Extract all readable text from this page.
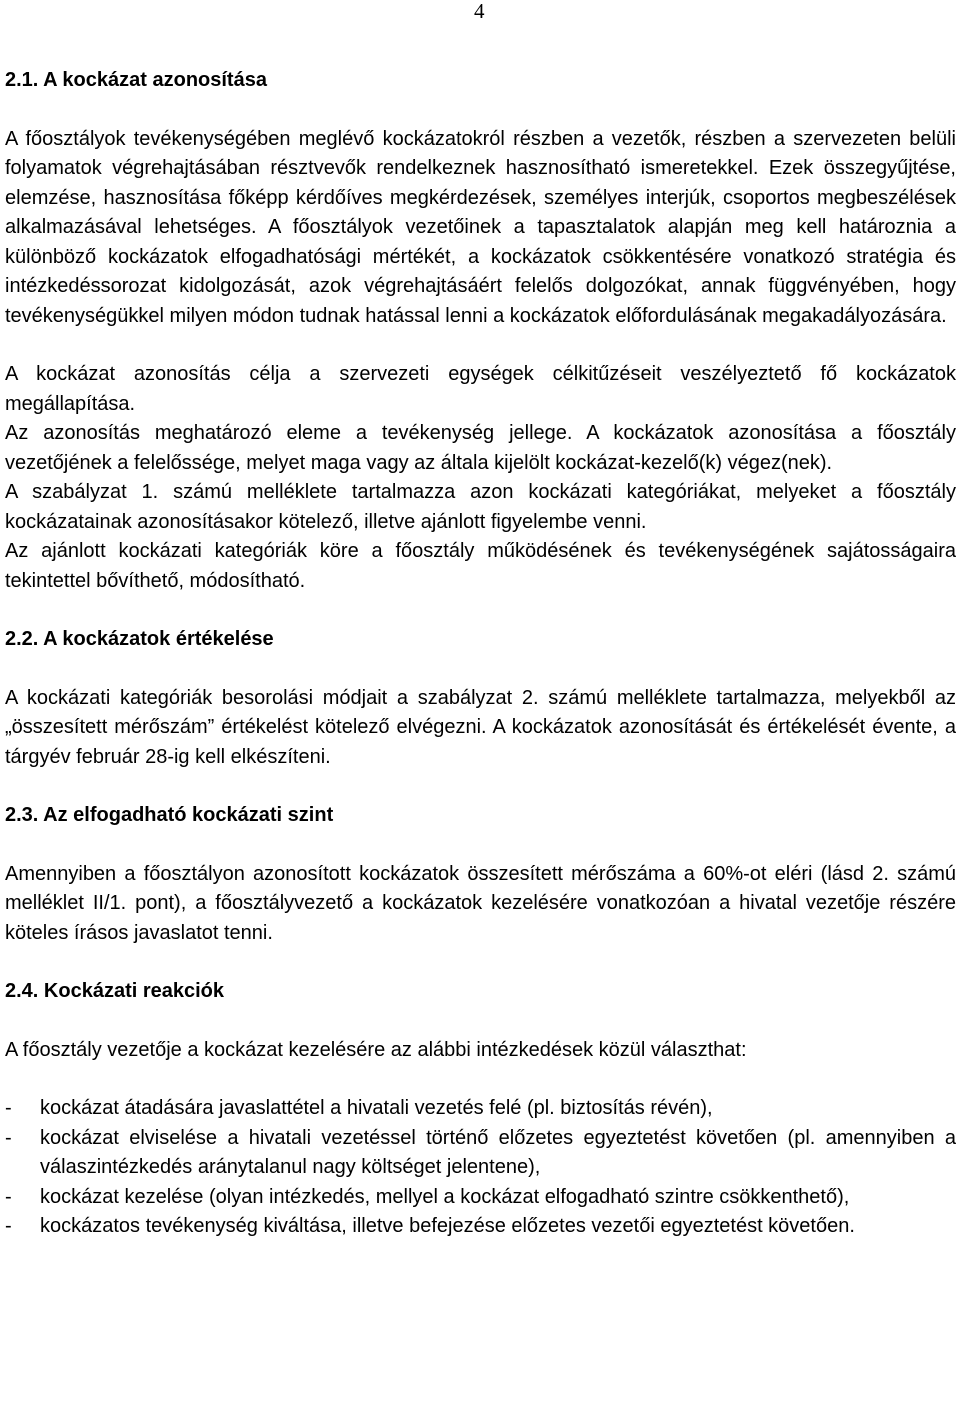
4

2.1. A kockázat azonosítása

A főosztályok tevékenységében meglévő kockázatokról részben a vezetők, részben a szervezeten belüli folyamatok végrehajtásában résztvevők rendelkeznek hasznosítható ismeretekkel. Ezek összegyűjtése, elemzése, hasznosítása főképp kérdőíves megkérdezések, személyes interjúk, csoportos megbeszélések alkalmazásával lehetséges. A főosztályok vezetőinek a tapasztalatok alapján meg kell határoznia a különböző kockázatok elfogadhatósági mértékét, a kockázatok csökkentésére vonatkozó stratégia és intézkedéssorozat kidolgozását, azok végrehajtásáért felelős dolgozókat, annak függvényében, hogy tevékenységükkel milyen módon tudnak hatással lenni a kockázatok előfordulásának megakadályozására.

A kockázat azonosítás célja a szervezeti egységek célkitűzéseit veszélyeztető fő kockázatok megállapítása.

Az azonosítás meghatározó eleme a tevékenység jellege. A kockázatok azonosítása a főosztály vezetőjének a felelőssége, melyet maga vagy az általa kijelölt kockázat-kezelő(k) végez(nek).

A szabályzat 1. számú melléklete tartalmazza azon kockázati kategóriákat, melyeket a főosztály kockázatainak azonosításakor kötelező, illetve ajánlott figyelembe venni.

Az ajánlott kockázati kategóriák köre a főosztály működésének és tevékenységének sajátosságaira tekintettel bővíthető, módosítható.

2.2. A kockázatok értékelése

A kockázati kategóriák besorolási módjait a szabályzat 2. számú melléklete tartalmazza, melyekből az „összesített mérőszám” értékelést kötelező elvégezni. A kockázatok azonosítását és értékelését évente, a tárgyév február 28-ig kell elkészíteni.

2.3. Az elfogadható kockázati szint

Amennyiben a főosztályon azonosított kockázatok összesített mérőszáma a 60%-ot eléri (lásd 2. számú melléklet II/1. pont), a főosztályvezető a kockázatok kezelésére vonatkozóan a hivatal vezetője részére köteles írásos javaslatot tenni.

2.4. Kockázati reakciók

A főosztály vezetője a kockázat kezelésére az alábbi intézkedések közül választhat:

- kockázat átadására javaslattétel a hivatali vezetés felé (pl. biztosítás révén),
- kockázat elviselése a hivatali vezetéssel történő előzetes egyeztetést követően (pl. amennyiben a válaszintézkedés aránytalanul nagy költséget jelentene),
- kockázat kezelése (olyan intézkedés, mellyel a kockázat elfogadható szintre csökkenthető),
- kockázatos tevékenység kiváltása, illetve befejezése előzetes vezetői egyeztetést követően.
